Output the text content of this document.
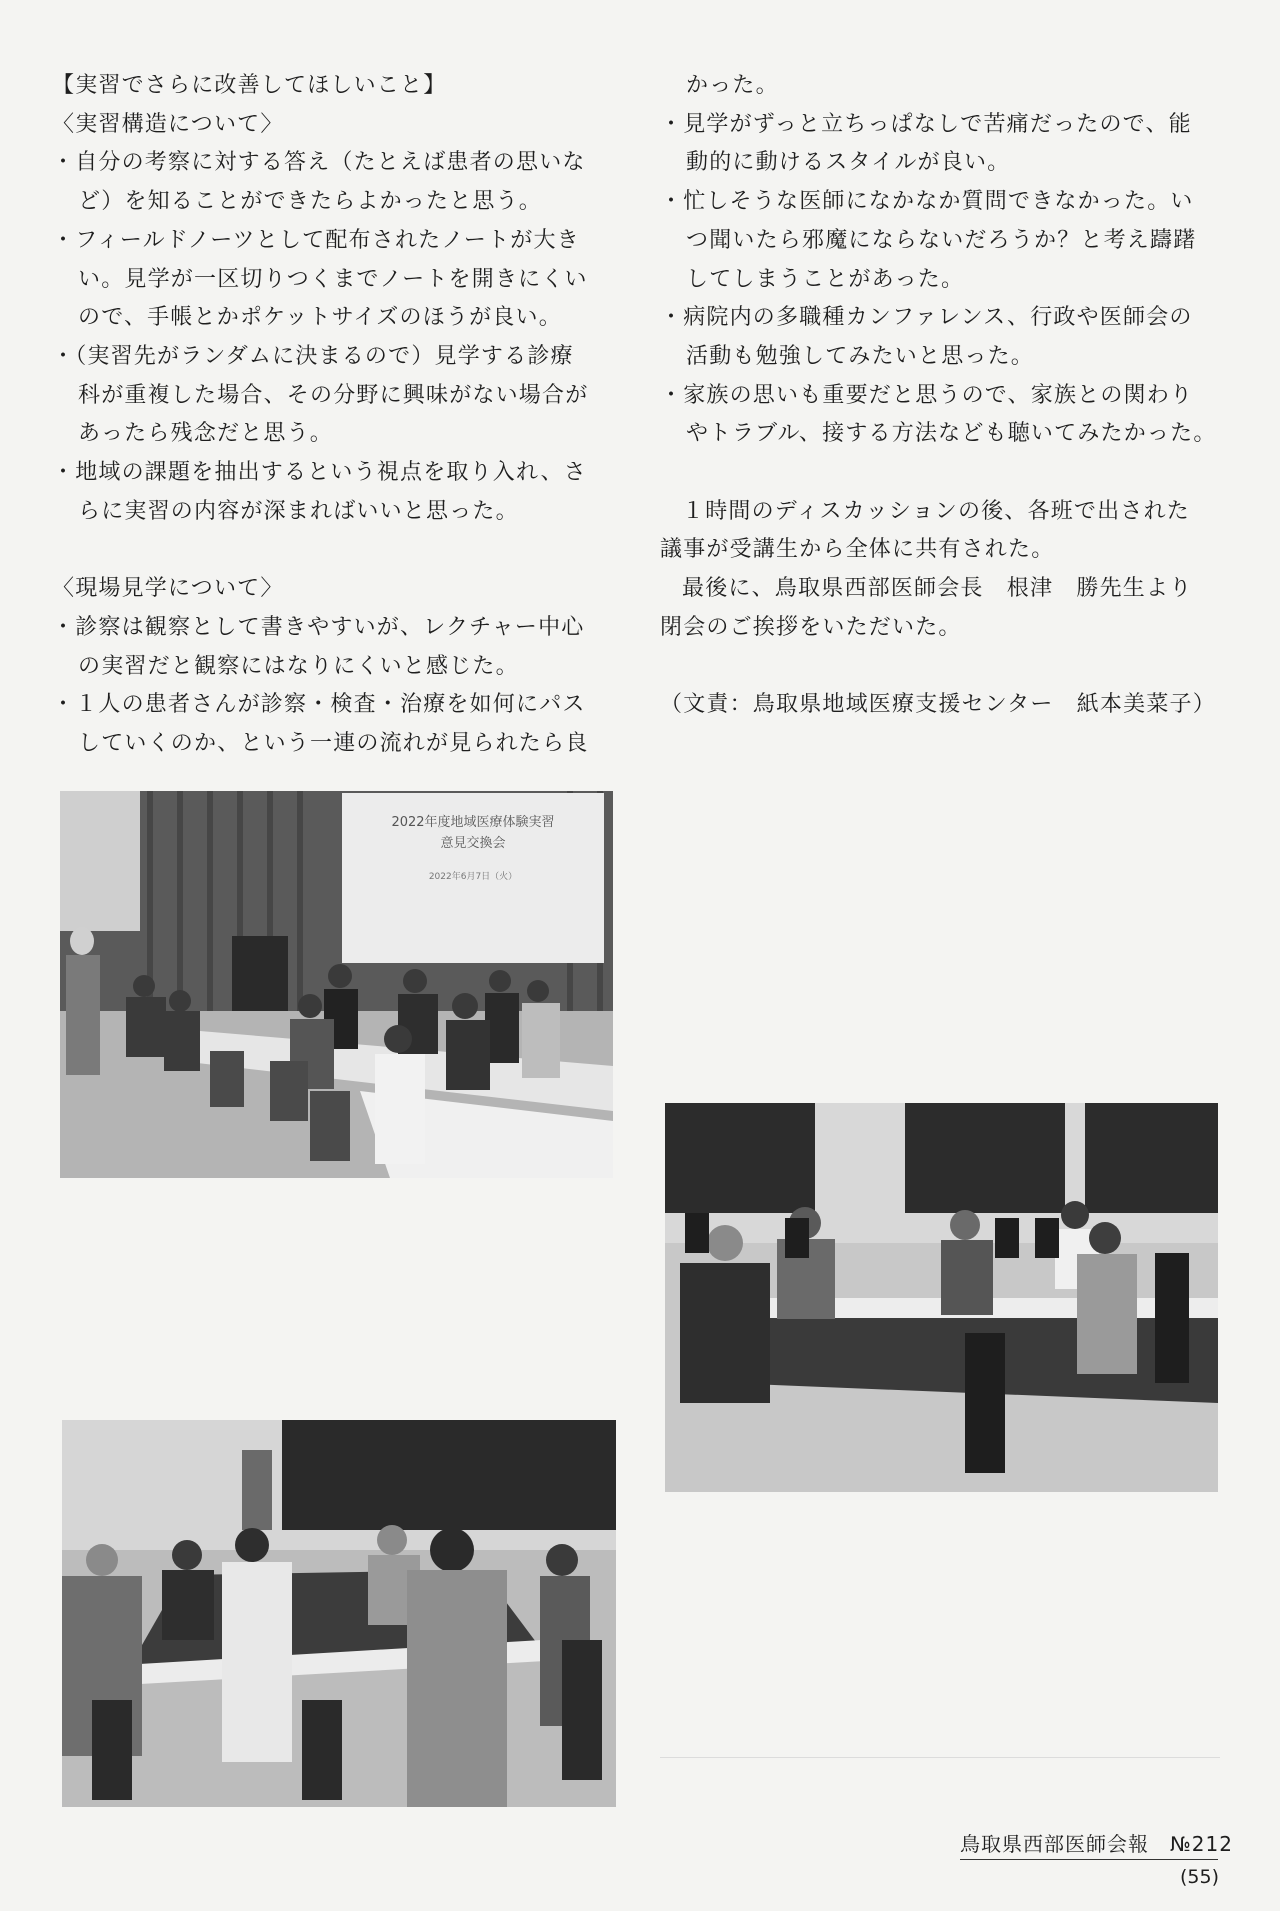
【実習でさらに改善してほしいこと】

〈実習構造について〉

・自分の考察に対する答え（たとえば患者の思いな

ど）を知ることができたらよかったと思う。

・フィールドノーツとして配布されたノートが大き

い。見学が一区切りつくまでノートを開きにくい

ので、手帳とかポケットサイズのほうが良い。

・（実習先がランダムに決まるので）見学する診療

科が重複した場合、その分野に興味がない場合が

あったら残念だと思う。

・地域の課題を抽出するという視点を取り入れ、さ

らに実習の内容が深まればいいと思った。

〈現場見学について〉

・診察は観察として書きやすいが、レクチャー中心

の実習だと観察にはなりにくいと感じた。

・１人の患者さんが診察・検査・治療を如何にパス

していくのか、という一連の流れが見られたら良

かった。

・見学がずっと立ちっぱなしで苦痛だったので、能

動的に動けるスタイルが良い。

・忙しそうな医師になかなか質問できなかった。い

つ聞いたら邪魔にならないだろうか？と考え躊躇

してしまうことがあった。

・病院内の多職種カンファレンス、行政や医師会の

活動も勉強してみたいと思った。

・家族の思いも重要だと思うので、家族との関わり

やトラブル、接する方法なども聴いてみたかった。

１時間のディスカッションの後、各班で出された

議事が受講生から全体に共有された。

最後に、鳥取県西部医師会長　根津　勝先生より

閉会のご挨拶をいただいた。

（文責：鳥取県地域医療支援センター　紙本美菜子）

2022年度地域医療体験実習
意見交換会
2022年6月7日（火）
鳥取県西部医師会報　№212
(55)
